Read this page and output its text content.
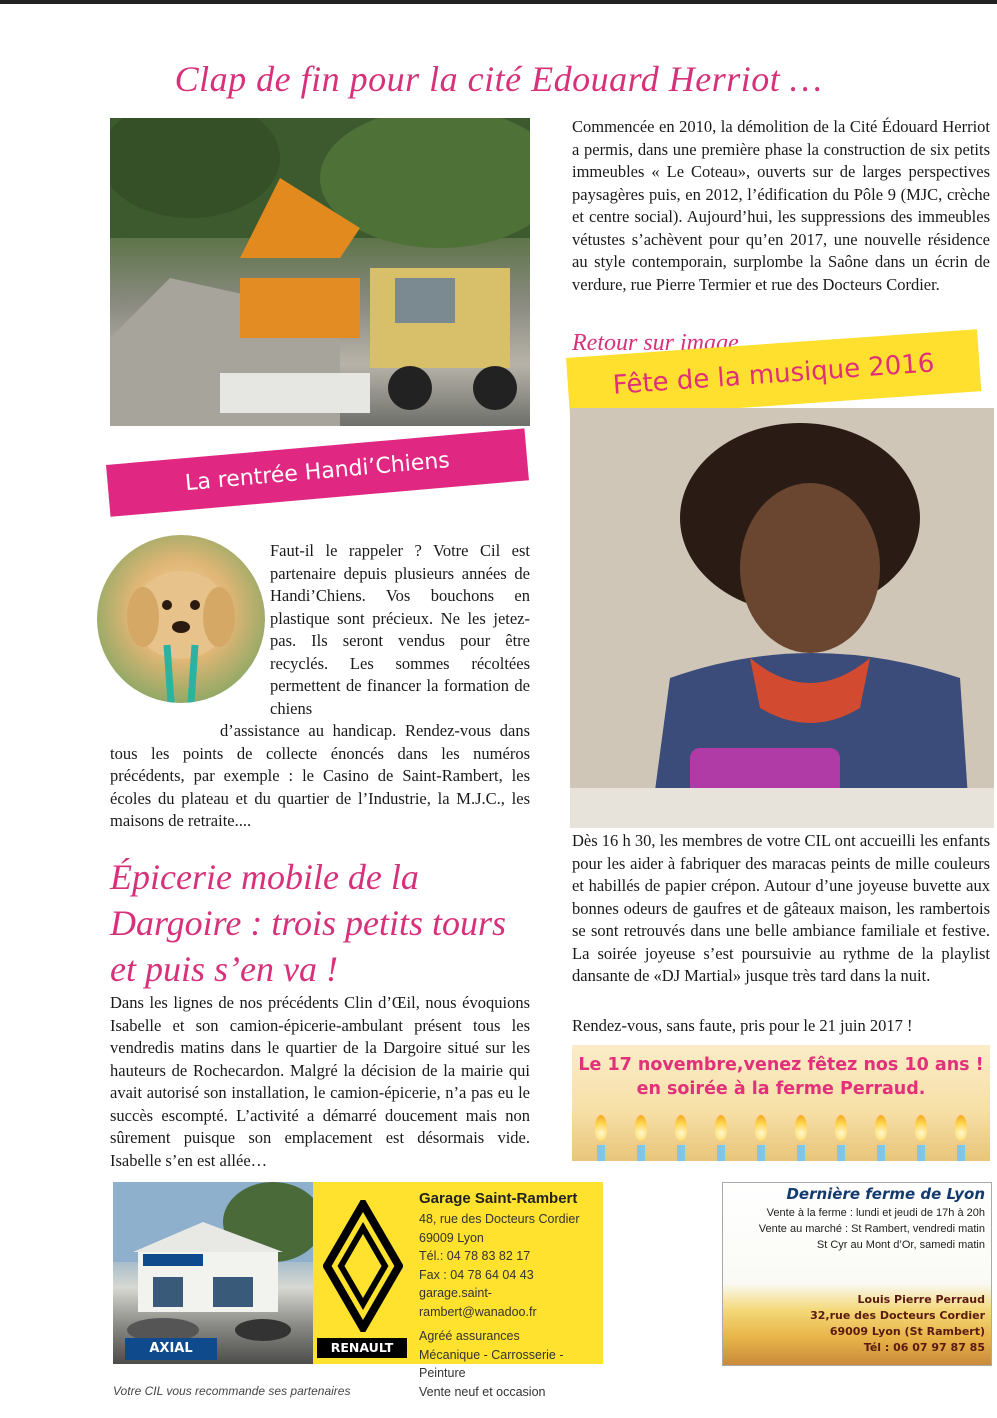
Clap de fin pour la cité Edouard Herriot …
Commencée en 2010, la démolition de la Cité Édouard Herriot a permis, dans une première phase la construction de six petits immeubles « Le Coteau», ouverts sur de larges perspectives paysagères puis, en 2012, l’édification du Pôle 9 (MJC, crèche et centre social). Aujourd’hui, les suppressions des immeubles vétustes s’achèvent pour qu’en 2017, une nouvelle résidence au style contemporain, surplombe la Saône dans un écrin de verdure, rue Pierre Termier et rue des Docteurs Cordier.
Retour sur image…
Fête de la musique 2016
La rentrée Handi’Chiens
Faut-il le rappeler ? Votre Cil est partenaire depuis plusieurs années de Handi’Chiens. Vos bouchons en plastique sont précieux. Ne les jetez-pas. Ils seront vendus pour être recyclés. Les sommes récoltées permettent de financer la formation de chiens
d’assistance au handicap. Rendez-vous dans tous les points de collecte énoncés dans les numéros précédents, par exemple : le Casino de Saint-Rambert, les écoles du plateau et du quartier de l’Industrie, la M.J.C., les maisons de retraite....
Épicerie mobile de la Dargoire : trois petits tours et puis s’en va !
Dans les lignes de nos précédents Clin d’Œil, nous évoquions Isabelle et son camion-épicerie-ambulant présent tous les vendredis matins dans le quartier de la Dargoire situé sur les hauteurs de Rochecardon. Malgré la décision de la mairie qui avait autorisé son installation, le camion-épicerie, n’a pas eu le succès escompté. L’activité a démarré doucement mais non sûrement puisque son emplacement est désormais vide. Isabelle s’en est allée…
Dès 16 h 30, les membres de votre CIL ont accueilli les enfants pour les aider à fabriquer des maracas peints de mille couleurs et habillés de papier crépon. Autour d’une joyeuse buvette aux bonnes odeurs de gaufres et de gâteaux maison, les rambertois se sont retrouvés dans une belle ambiance familiale et festive. La soirée joyeuse s’est poursuivie au rythme de la playlist dansante de «DJ Martial» jusque très tard dans la nuit.
Rendez-vous, sans faute, pris pour le 21 juin 2017 !
Le 17 novembre,venez fêtez nos 10 ans !
en soirée à la ferme Perraud.
AXIAL	RENAULT
Garage Saint-Rambert
48, rue des Docteurs Cordier
69009 Lyon
Tél.: 04 78 83 82 17
Fax : 04 78 64 04 43
garage.saint-rambert@wanadoo.fr
Agréé assurances
Mécanique - Carrosserie - Peinture
Vente neuf et occasion
Dernière ferme de Lyon
Vente à la ferme : lundi et jeudi de 17h à 20h
Vente au marché : St Rambert, vendredi matin
St Cyr au Mont d’Or, samedi matin
Louis Pierre Perraud
32,rue des Docteurs Cordier
69009 Lyon (St Rambert)
Tél : 06 07 97 87 85
Votre CIL vous recommande ses partenaires
